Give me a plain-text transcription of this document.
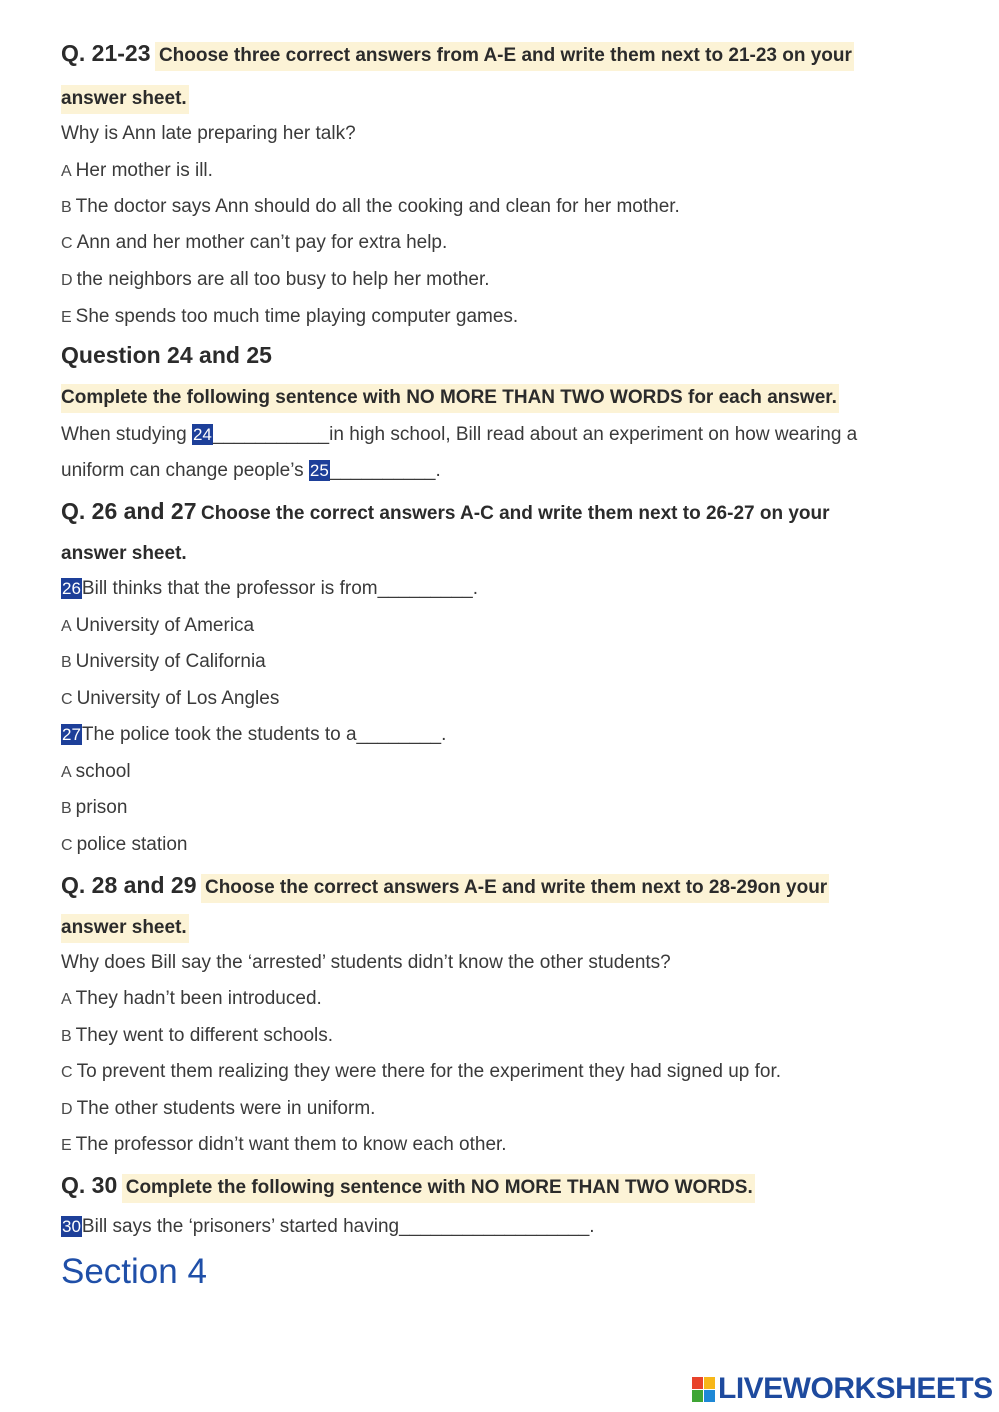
Q. 21-23 Choose three correct answers from A-E and write them next to 21-23 on your
answer sheet.
Why is Ann late preparing her talk?
A Her mother is ill.
B The doctor says Ann should do all the cooking and clean for her mother.
C Ann and her mother can’t pay for extra help.
D the neighbors are all too busy to help her mother.
E She spends too much time playing computer games.
Question 24 and 25
Complete the following sentence with NO MORE THAN TWO WORDS for each answer.
When studying 24___________in high school, Bill read about an experiment on how wearing a
uniform can change people’s 25__________.
Q. 26 and 27 Choose the correct answers A-C and write them next to 26-27 on your
answer sheet.
26Bill thinks that the professor is from_________.
A University of America
B University of California
C University of Los Angles
27The police took the students to a________.
A school
B prison
C police station
Q. 28 and 29 Choose the correct answers A-E and write them next to 28-29on your
answer sheet.
Why does Bill say the ‘arrested’ students didn’t know the other students?
A They hadn’t been introduced.
B They went to different schools.
C To prevent them realizing they were there for the experiment they had signed up for.
D The other students were in uniform.
E The professor didn’t want them to know each other.
Q. 30 Complete the following sentence with NO MORE THAN TWO WORDS.
30Bill says the ‘prisoners’ started having__________________.
Section 4
LIVEWORKSHEETS
